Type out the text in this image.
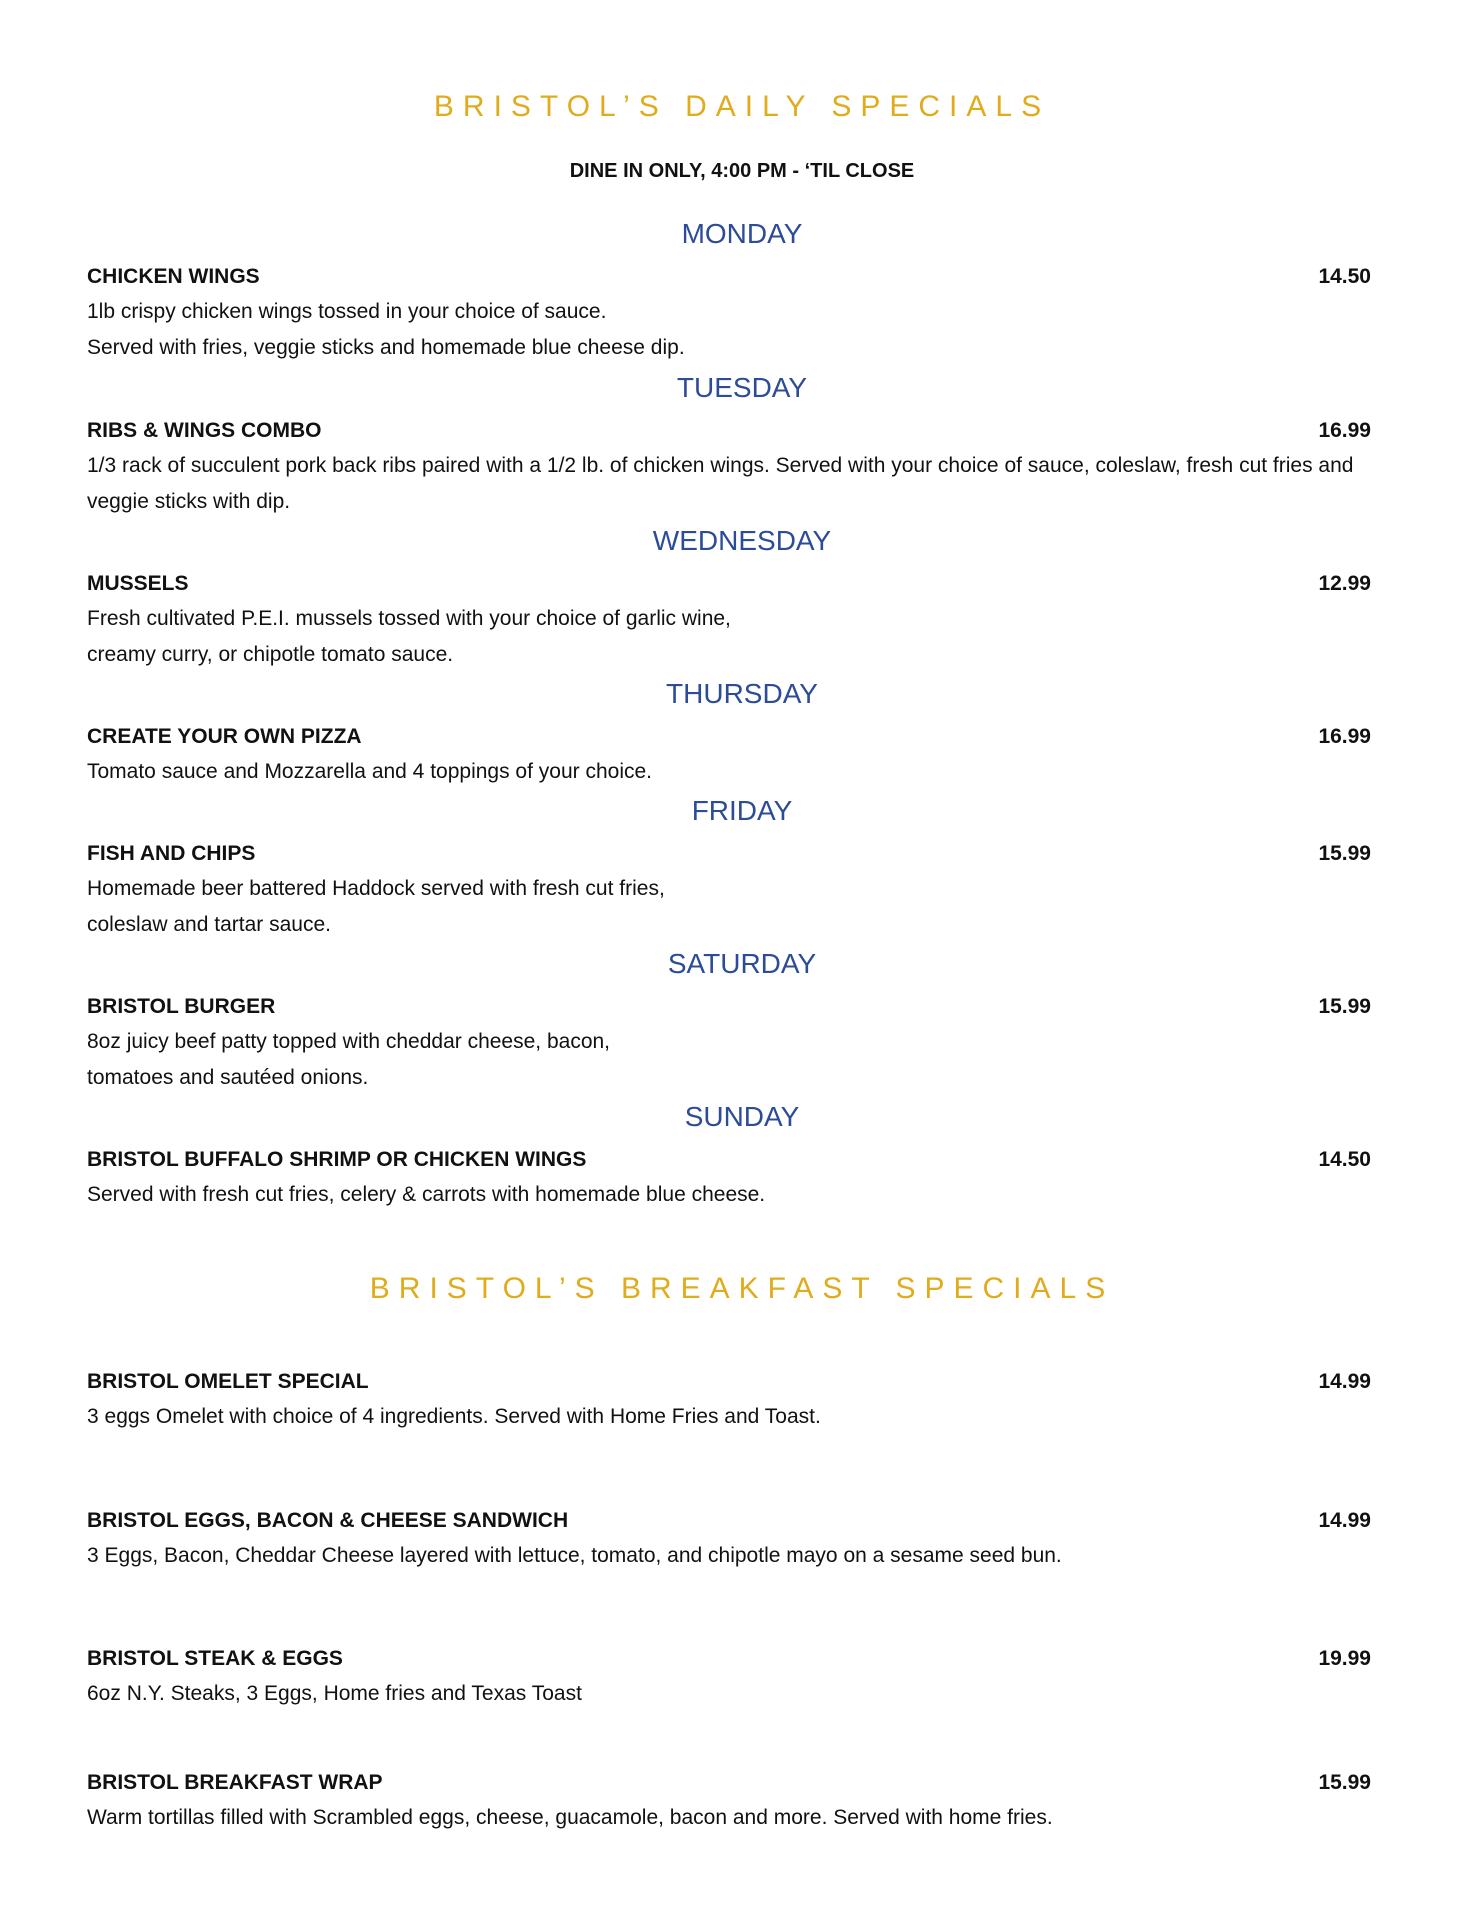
BRISTOL’S DAILY SPECIALS
DINE IN ONLY, 4:00 PM - ‘TIL CLOSE
MONDAY
CHICKEN WINGS	14.50
1lb crispy chicken wings tossed in your choice of sauce.
Served with fries, veggie sticks and homemade blue cheese dip.
TUESDAY
RIBS & WINGS COMBO	16.99
1/3 rack of succulent pork back ribs paired with a 1/2 lb. of chicken wings. Served with your choice of sauce, coleslaw, fresh cut fries and
veggie sticks with dip.
WEDNESDAY
MUSSELS	12.99
Fresh cultivated P.E.I. mussels tossed with your choice of garlic wine,
creamy curry, or chipotle tomato sauce.
THURSDAY
CREATE YOUR OWN PIZZA	16.99
Tomato sauce and Mozzarella and 4 toppings of your choice.
FRIDAY
FISH AND CHIPS	15.99
Homemade beer battered Haddock served with fresh cut fries,
coleslaw and tartar sauce.
SATURDAY
BRISTOL BURGER	15.99
8oz juicy beef patty topped with cheddar cheese, bacon,
tomatoes and sautéed onions.
SUNDAY
BRISTOL BUFFALO SHRIMP OR CHICKEN WINGS	14.50
Served with fresh cut fries, celery & carrots with homemade blue cheese.
BRISTOL’S BREAKFAST SPECIALS
BRISTOL OMELET SPECIAL	14.99
3 eggs Omelet with choice of 4 ingredients. Served with Home Fries and Toast.
BRISTOL EGGS, BACON & CHEESE SANDWICH	14.99
3 Eggs, Bacon, Cheddar Cheese layered with lettuce, tomato, and chipotle mayo on a sesame seed bun.
BRISTOL STEAK & EGGS	19.99
6oz N.Y. Steaks, 3 Eggs, Home fries and Texas Toast
BRISTOL BREAKFAST WRAP	15.99
Warm tortillas filled with Scrambled eggs, cheese, guacamole, bacon and more. Served with home fries.
